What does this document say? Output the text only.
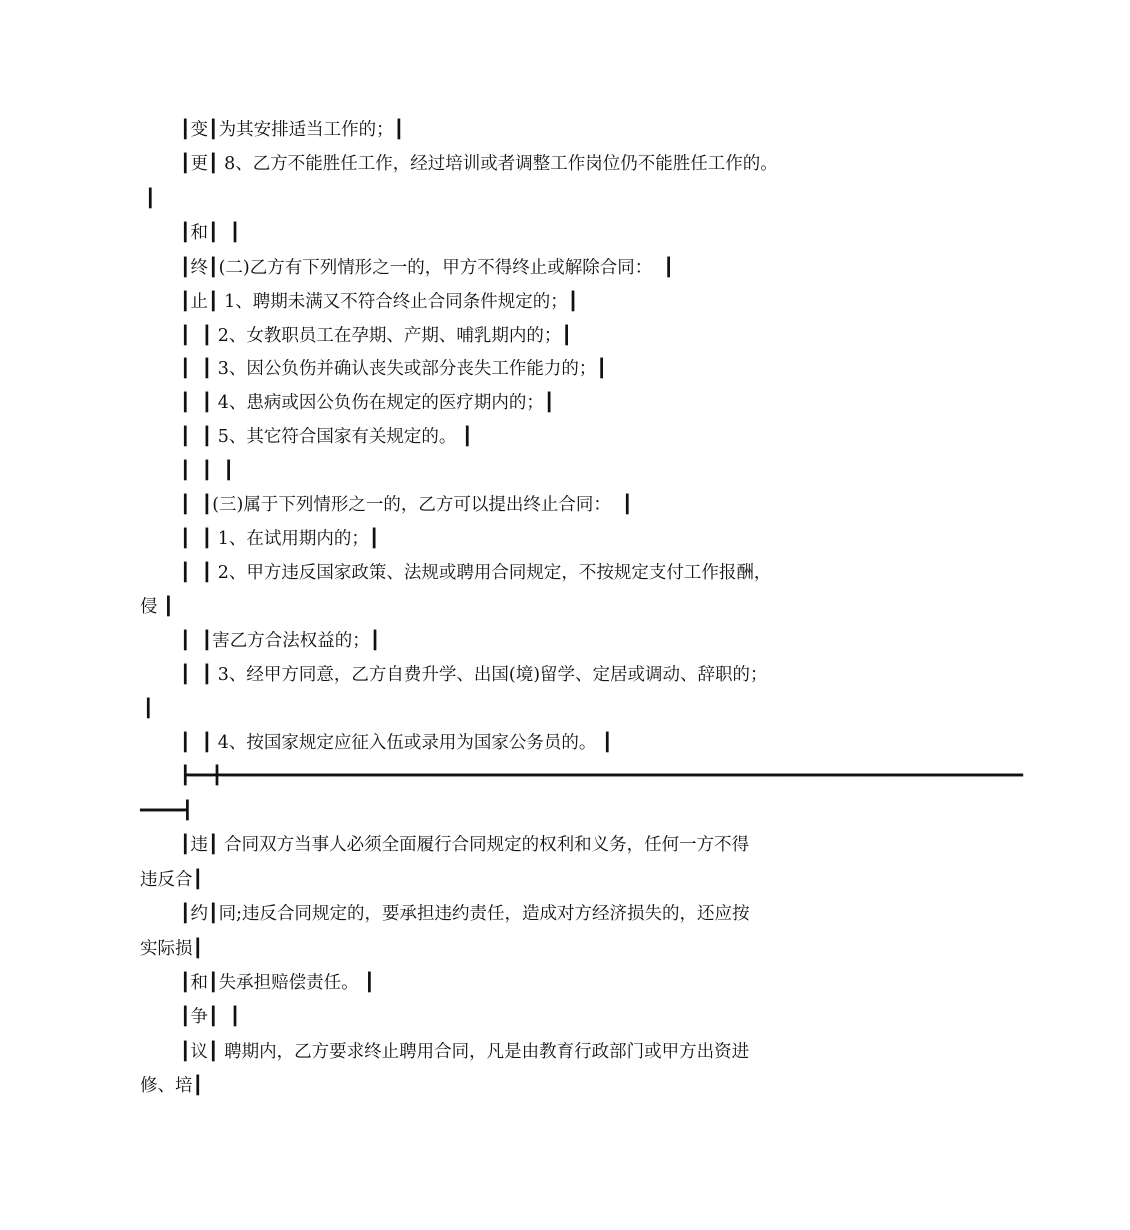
┃变┃为其安排适当工作的；┃
┃更┃ 8、乙方不能胜任工作，经过培训或者调整工作岗位仍不能胜任工作的。
┃
┃和┃  ┃
┃终┃(二)乙方有下列情形之一的，甲方不得终止或解除合同：  ┃
┃止┃ 1、聘期未满又不符合终止合同条件规定的；┃
┃  ┃ 2、女教职员工在孕期、产期、哺乳期内的；┃
┃  ┃ 3、因公负伤并确认丧失或部分丧失工作能力的；┃
┃  ┃ 4、患病或因公负伤在规定的医疗期内的；┃
┃  ┃ 5、其它符合国家有关规定的。 ┃
┃  ┃  ┃
┃  ┃(三)属于下列情形之一的，乙方可以提出终止合同：  ┃
┃  ┃ 1、在试用期内的；┃
┃  ┃ 2、甲方违反国家政策、法规或聘用合同规定，不按规定支付工作报酬，
侵 ┃
┃  ┃害乙方合法权益的；┃
┃  ┃ 3、经甲方同意，乙方自费升学、出国(境)留学、定居或调动、辞职的；
┃
┃  ┃ 4、按国家规定应征入伍或录用为国家公务员的。 ┃
┣━━╋━━━━━━━━━━━━━━━━━━━━━━━━━━━━━━━━━━━━━━━━━━━━━━━━━━━━━━━━━━━━━━━━━━━━━━━━━━━━
━━━━┫
┃违┃ 合同双方当事人必须全面履行合同规定的权利和义务，任何一方不得
违反合┃
┃约┃同;违反合同规定的，要承担违约责任，造成对方经济损失的，还应按
实际损┃
┃和┃失承担赔偿责任。 ┃
┃争┃  ┃
┃议┃ 聘期内，乙方要求终止聘用合同，凡是由教育行政部门或甲方出资进
修、培┃
